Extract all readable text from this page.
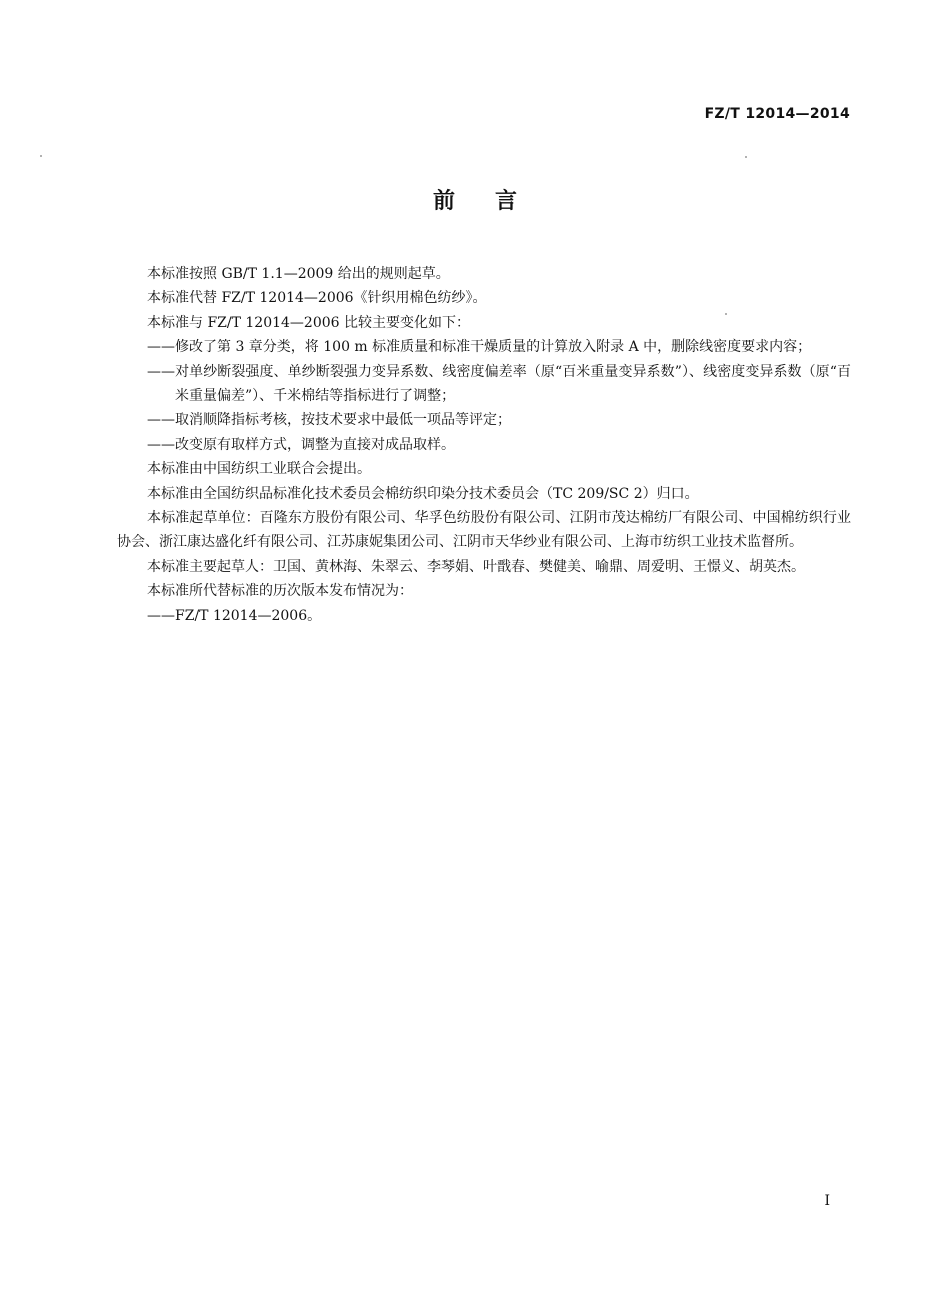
FZ/T 12014—2014
前言

本标准按照 GB/T 1.1—2009 给出的规则起草。

本标准代替 FZ/T 12014—2006《针织用棉色纺纱》。

本标准与 FZ/T 12014—2006 比较主要变化如下：

——修改了第 3 章分类，将 100 m 标准质量和标准干燥质量的计算放入附录 A 中，删除线密度要求内容；

——对单纱断裂强度、单纱断裂强力变异系数、线密度偏差率（原“百米重量变异系数”）、线密度变异系数（原“百米重量偏差”）、千米棉结等指标进行了调整；

——取消顺降指标考核，按技术要求中最低一项品等评定；

——改变原有取样方式，调整为直接对成品取样。

本标准由中国纺织工业联合会提出。

本标准由全国纺织品标准化技术委员会棉纺织印染分技术委员会（TC 209/SC 2）归口。

本标准起草单位：百隆东方股份有限公司、华孚色纺股份有限公司、江阴市茂达棉纺厂有限公司、中国棉纺织行业协会、浙江康达盛化纤有限公司、江苏康妮集团公司、江阴市天华纱业有限公司、上海市纺织工业技术监督所。

本标准主要起草人：卫国、黄林海、朱翠云、李琴娟、叶戬春、樊健美、喻鼎、周爱明、王憬义、胡英杰。

本标准所代替标准的历次版本发布情况为：

——FZ/T 12014—2006。

I
